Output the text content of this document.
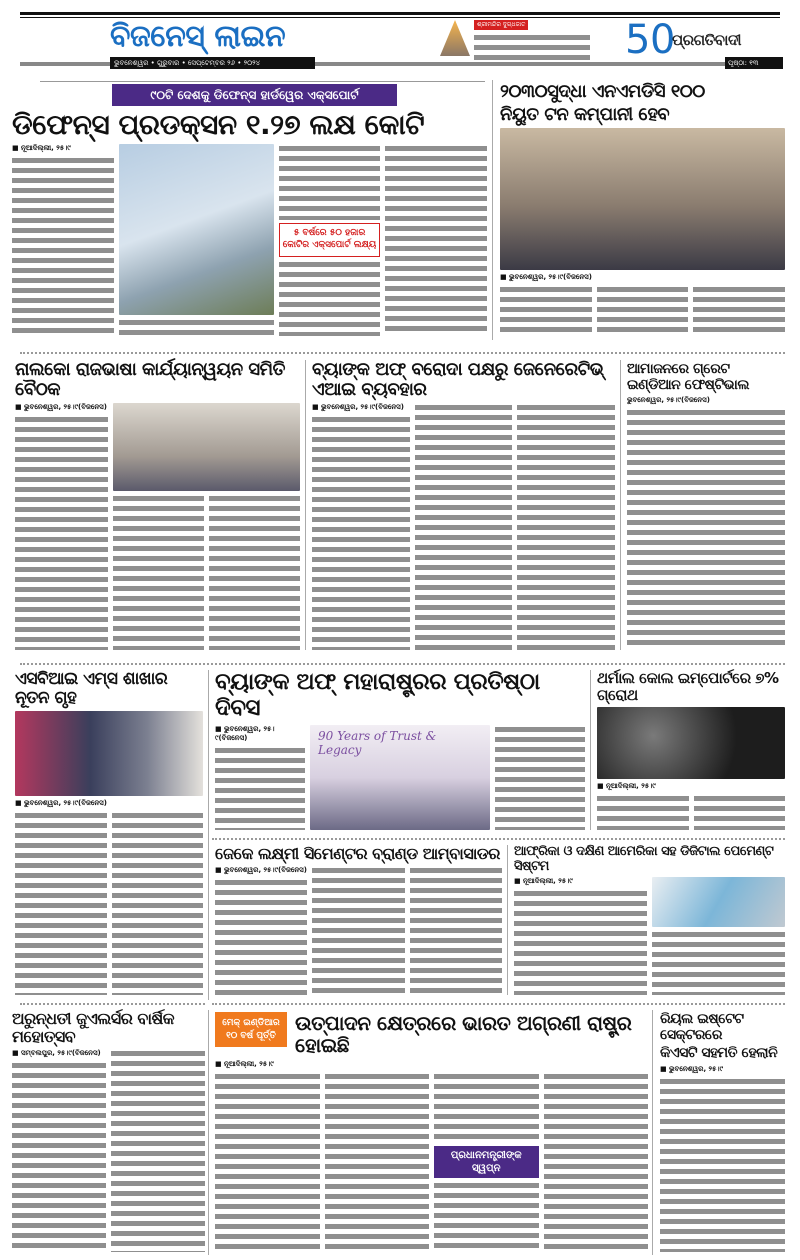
ବିଜନେସ୍ ଲାଇନ
ଭୁବନେଶ୍ୱର • ଗୁରୁବାର • ସେପ୍ଟେମ୍ବର ୨୬ • ୨୦୨୪
ଶ୍ରୀମନ୍ଦିର ଦୁଗ୍ଧଜାତ 50
ପ୍ରଗତିବାଦୀ
ପୃଷ୍ଠା: ୧୩
୯୦ଟି ଦେଶକୁ ଡିଫେନ୍ସ ହାର୍ଡୱେର ଏକ୍ସପୋର୍ଟ
ଡିଫେନ୍ସ ପ୍ରଡକ୍ସନ ୧.୨୭ ଲକ୍ଷ କୋଟି
■ ନୂଆଦିଲ୍ଲୀ, ୨୫।୯
୫ ବର୍ଷରେ ୫୦ ହଜାର କୋଟିର ଏକ୍ସପୋର୍ଟ ଲକ୍ଷ୍ୟ
୨୦୩୦ସୁଦ୍ଧା ଏନଏମଡିସି ୧୦୦
ନିୟୁତ ଟନ କମ୍ପାନୀ ହେବ
■ ଭୁବନେଶ୍ୱର, ୨୫।୯(ବିଜନେସ)
ନାଲକୋ ରାଜଭାଷା କାର୍ଯ୍ୟାନ୍ୱୟନ ସମିତି ବୈଠକ
■ ଭୁବନେଶ୍ୱର, ୨୫।୯(ବିଜନେସ)
ବ୍ୟାଙ୍କ ଅଫ୍ ବରୋଦା ପକ୍ଷରୁ ଜେନେରେଟିଭ୍ ଏଆଇ ବ୍ୟବହାର
■ ଭୁବନେଶ୍ୱର, ୨୫।୯(ବିଜନେସ)
ଆମାଜନରେ ଗ୍ରେଟ ଇଣ୍ଡିଆନ ଫେଷ୍ଟିଭାଲ
ଭୁବନେଶ୍ୱର, ୨୫।୯(ବିଜନେସ)
ଏସବିଆଇ ଏମ୍‌ସ ଶାଖାର ନୂତନ ଗୃହ
■ ଭୁବନେଶ୍ୱର, ୨୫।୯(ବିଜନେସ)
ବ୍ୟାଙ୍କ ଅଫ୍ ମହାରାଷ୍ଟ୍ରର ପ୍ରତିଷ୍ଠା ଦିବସ
■ ଭୁବନେଶ୍ୱର, ୨୫।୯(ବିଜନେସ)	90 Years of Trust & Legacy
ଥର୍ମାଲ କୋଲ ଇମ୍ପୋର୍ଟରେ ୭% ଗ୍ରୋଥ
■ ନୂଆଦିଲ୍ଲୀ, ୨୫।୯
ଜେକେ ଲକ୍ଷ୍ମୀ ସିମେଣ୍ଟର ବ୍ରାଣ୍ଡ ଆମ୍ବାସାଡର
■ ଭୁବନେଶ୍ୱର, ୨୫।୯(ବିଜନେସ)
ଆଫ୍ରିକା ଓ ଦକ୍ଷିଣ ଆମେରିକା ସହ ଡିଜିଟାଲ ପେମେଣ୍ଟ ସିଷ୍ଟମ
■ ନୂଆଦିଲ୍ଲୀ, ୨୫।୯
ଅରୁନ୍ଧତୀ ଜୁଏଲର୍ସର ବାର୍ଷିକ ମହୋତ୍ସବ
■ ସମ୍ବଲପୁର, ୨୫।୯(ବିଜନେସ)
ମେକ୍ ଇଣ୍ଡିଆର
୧୦ ବର୍ଷ ପୂର୍ତ୍ତି
ଉତ୍ପାଦନ କ୍ଷେତ୍ରରେ ଭାରତ ଅଗ୍ରଣୀ ରାଷ୍ଟ୍ର ହୋଇଛି
■ ନୂଆଦିଲ୍ଲୀ, ୨୫।୯
ପ୍ରଧାନମନ୍ତ୍ରୀଙ୍କ ସ୍ୱପ୍ନ
ରିୟଲ ଇଷ୍ଟେଟ ସେକ୍ଟରରେ
କିଏସଟି ସହମତି ହେଲାନି
■ ଭୁବନେଶ୍ୱର, ୨୫।୯
